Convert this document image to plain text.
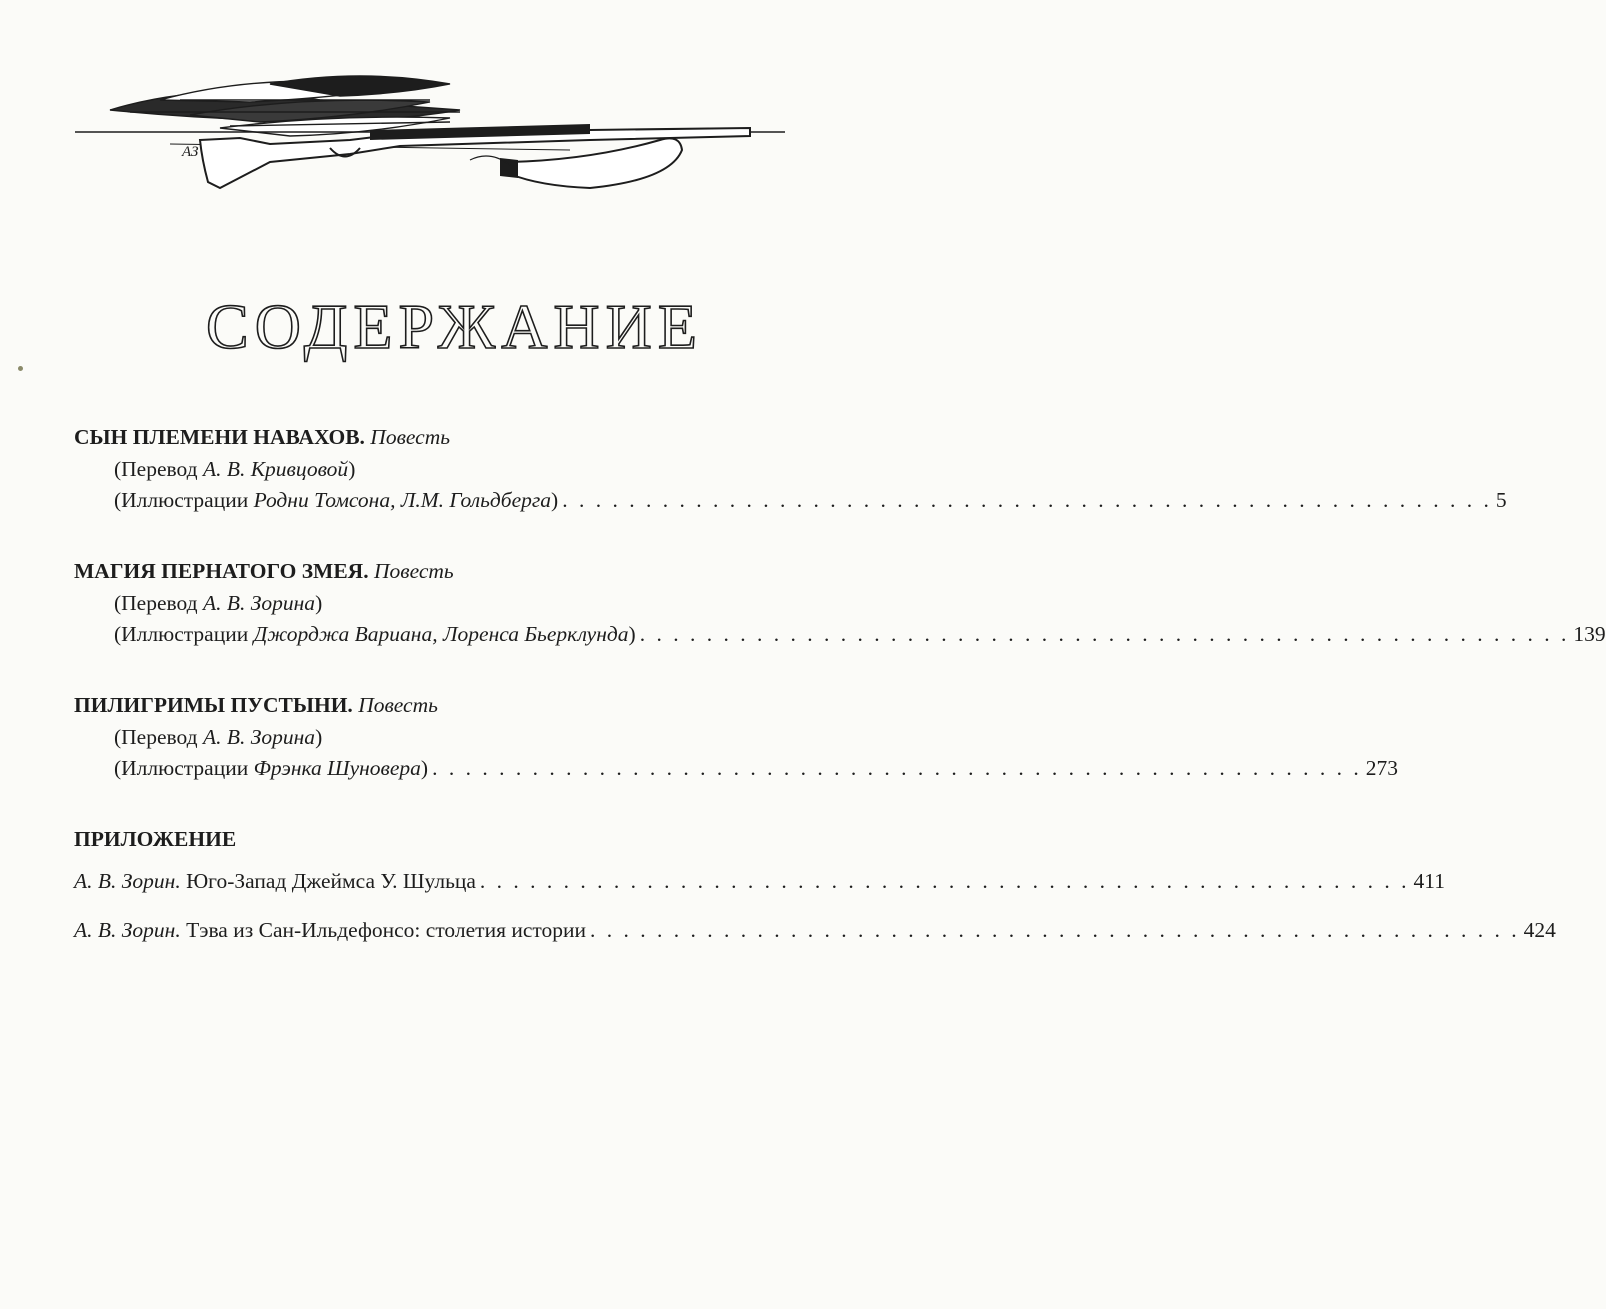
АЗ
СОДЕРЖАНИЕ
СЫН ПЛЕМЕНИ НАВАХОВ. Повесть
(Перевод А. В. Кривцовой)
(Иллюстрации Родни Томсона, Л.М. Гольдберга) . . . . . . . . . . . . . . . . . . . . . . . . . . . . . . . . . . . . . . . . . . . . . . . . . . . . . . . . 5
МАГИЯ ПЕРНАТОГО ЗМЕЯ. Повесть
(Перевод А. В. Зорина)
(Иллюстрации Джорджа Вариана, Лоренса Бьерклунда) . . . . . . . . . . . . . . . . . . . . . . . . . . . . . . . . . . . . . . . . . . . . . . . . . . . . . . . . 139
ПИЛИГРИМЫ ПУСТЫНИ. Повесть
(Перевод А. В. Зорина)
(Иллюстрации Фрэнка Шуновера) . . . . . . . . . . . . . . . . . . . . . . . . . . . . . . . . . . . . . . . . . . . . . . . . . . . . . . . . 273
ПРИЛОЖЕНИЕ
А. В. Зорин. Юго-Запад Джеймса У. Шульца . . . . . . . . . . . . . . . . . . . . . . . . . . . . . . . . . . . . . . . . . . . . . . . . . . . . . . . . 411
А. В. Зорин. Тэва из Сан-Ильдефонсо: столетия истории . . . . . . . . . . . . . . . . . . . . . . . . . . . . . . . . . . . . . . . . . . . . . . . . . . . . . . . . 424
